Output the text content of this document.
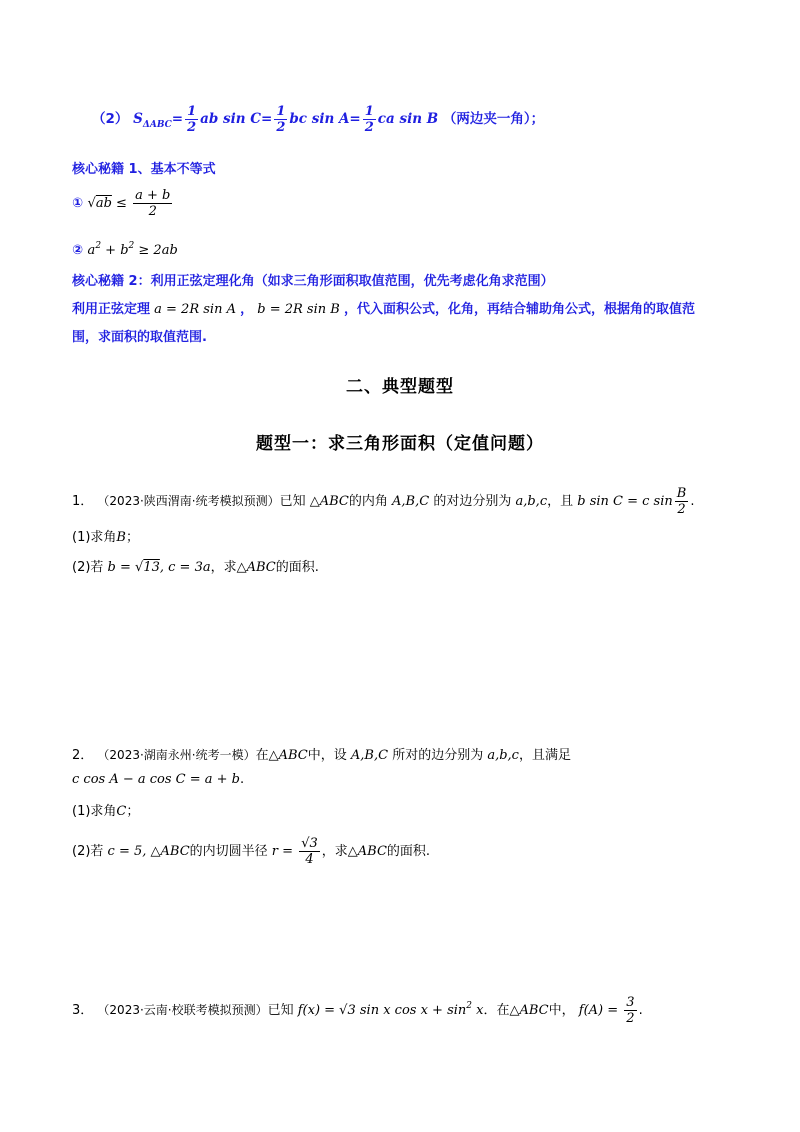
（2） $S_{\Delta ABC}= \frac{1}{2}$ ab $\sin C= \frac{1}{2}$ bc $\sin A= \frac{1}{2}$ ca sin B （两边夹一角）；
核心秘籍 1、基本不等式
① $√ab \le \frac{a + b}{2}$
② $a^2 + b^2 \ge 2ab$
核心秘籍 2：利用正弦定理化角（如求三角形面积取值范围，优先考虑化角求范围）
利用正弦定理 a = 2R sin A ， b = 2R sin B ，代入面积公式，化角，再结合辅助角公式，根据角的取值范
围，求面积的取值范围.
二、典型题型
题型一：求三角形面积（定值问题）
1． （2023·陕西渭南·统考模拟预测）已知 △ABC的内角 A,B,C 的对边分别为 a,b,c，且 b sin C = c $\sin \frac{B}{2}$ .
(1)求角B；
(2)若 b = √13, c = 3a，求△ABC的面积.
2． （2023·湖南永州·统考一模）在△ABC中，设 A,B,C 所对的边分别为 a,b,c，且满足
c cos A − a cos C = a + b.
(1)求角C；
(2)若 c = 5, △ABC的内切圆半径 $r = \frac{√3}{4}$ ，求△ABC的面积.
3． （2023·云南·校联考模拟预测）已知 f(x) = √3 sin x $\cos x + \sin^2 x$．在△ABC中， $f(A) = \frac{3}{2}$ .
